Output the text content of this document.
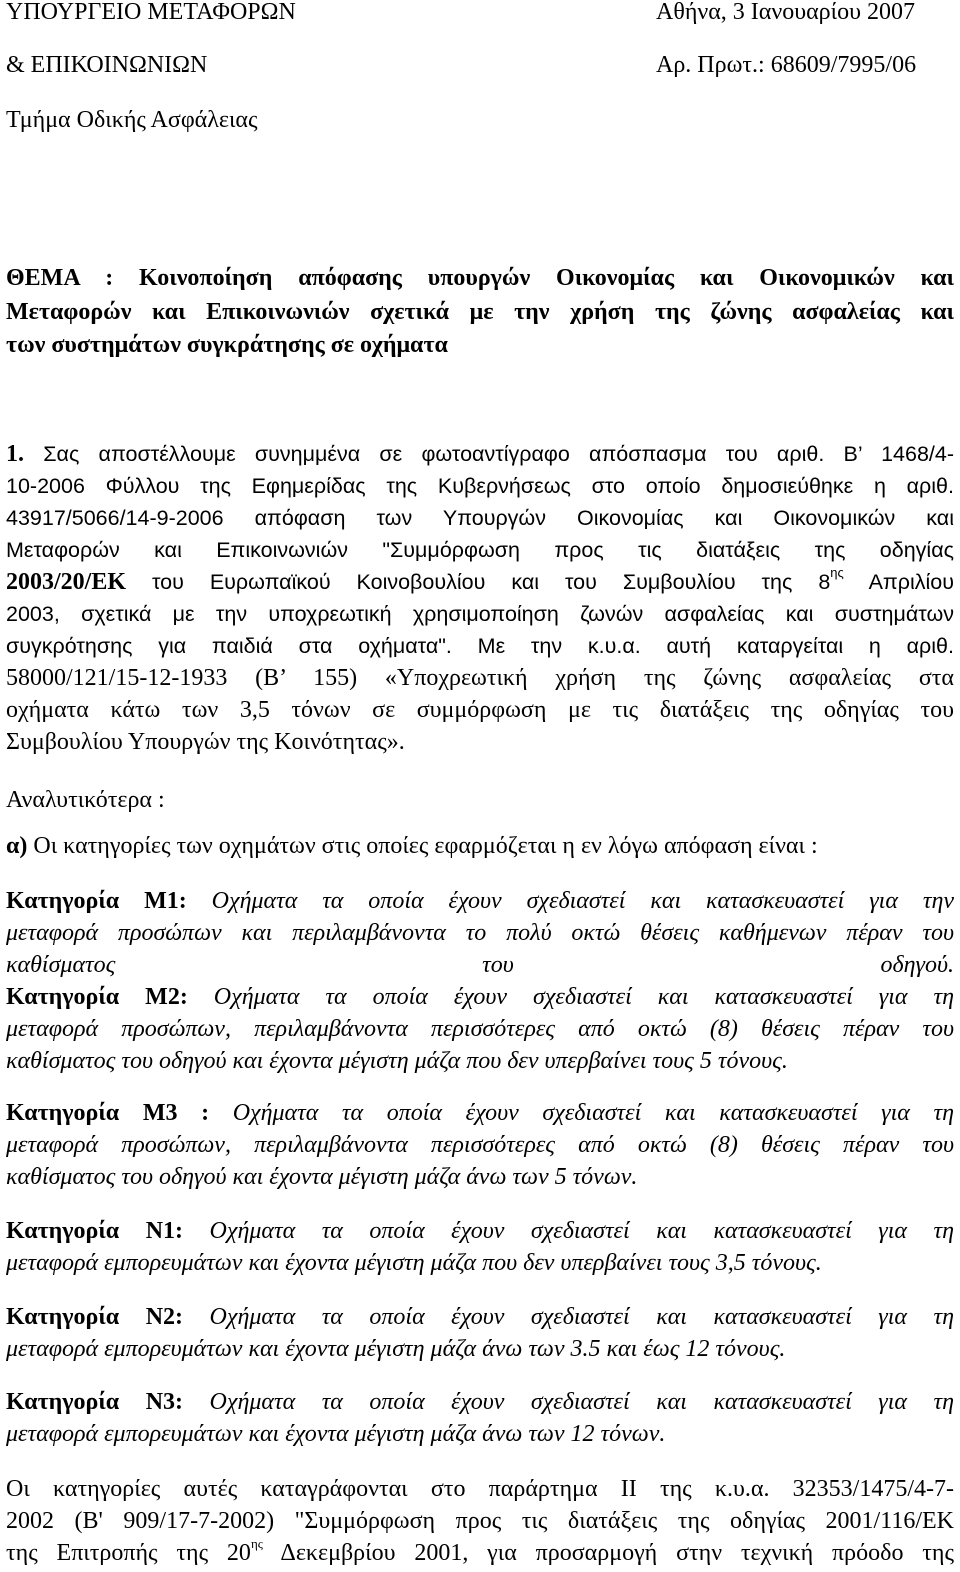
ΥΠΟΥΡΓΕΙΟ ΜΕΤΑΦΟΡΩΝ	Αθήνα, 3 Ιανουαρίου 2007
& ΕΠΙΚΟΙΝΩΝΙΩΝ	Αρ. Πρωτ.: 68609/7995/06
Τμήμα Οδικής Ασφάλειας
ΘΕΜΑ : Κοινοποίηση απόφασης υπουργών Οικονομίας και Οικονομικών και
Μεταφορών και Επικοινωνιών σχετικά με την χρήση της ζώνης ασφαλείας και
των συστημάτων συγκράτησης σε οχήματα
1. Σας αποστέλλουμε συνημμένα σε φωτοαντίγραφο απόσπασμα του αριθ. Β’ 1468/4-
10-2006 Φύλλου της Εφημερίδας της Κυβερνήσεως στο οποίο δημοσιεύθηκε η αριθ.
43917/5066/14-9-2006 απόφαση των Υπουργών Οικονομίας και Οικονομικών και
Μεταφορών και Επικοινωνιών "Συμμόρφωση προς τις διατάξεις της οδηγίας
2003/20/ΕΚ του Ευρωπαϊκού Κοινοβουλίου και του Συμβουλίου της $8^{\eta\varsigma}$ Απριλίου
2003, σχετικά με την υποχρεωτική χρησιμοποίηση ζωνών ασφαλείας και συστημάτων
συγκρότησης για παιδιά στα οχήματα". Με την κ.υ.α. αυτή καταργείται η αριθ.
58000/121/15-12-1933 (Β’ 155) «Υποχρεωτική χρήση της ζώνης ασφαλείας στα
οχήματα κάτω των 3,5 τόνων σε συμμόρφωση με τις διατάξεις της οδηγίας του
Συμβουλίου Υπουργών της Κοινότητας».
Αναλυτικότερα :
α) Οι κατηγορίες των οχημάτων στις οποίες εφαρμόζεται η εν λόγω απόφαση είναι :
Κατηγορία Μ1: Οχήματα τα οποία έχουν σχεδιαστεί και κατασκευαστεί για την
μεταφορά προσώπων και περιλαμβάνοντα το πολύ οκτώ θέσεις καθήμενων πέραν του
καθίσματος του οδηγού.
Κατηγορία Μ2: Οχήματα τα οποία έχουν σχεδιαστεί και κατασκευαστεί για τη
μεταφορά προσώπων, περιλαμβάνοντα περισσότερες από οκτώ (8) θέσεις πέραν του
καθίσματος του οδηγού και έχοντα μέγιστη μάζα που δεν υπερβαίνει τους 5 τόνους.
Κατηγορία Μ3 : Οχήματα τα οποία έχουν σχεδιαστεί και κατασκευαστεί για τη
μεταφορά προσώπων, περιλαμβάνοντα περισσότερες από οκτώ (8) θέσεις πέραν του
καθίσματος του οδηγού και έχοντα μέγιστη μάζα άνω των 5 τόνων.
Κατηγορία Ν1: Οχήματα τα οποία έχουν σχεδιαστεί και κατασκευαστεί για τη
μεταφορά εμπορευμάτων και έχοντα μέγιστη μάζα που δεν υπερβαίνει τους 3,5 τόνους.
Κατηγορία Ν2: Οχήματα τα οποία έχουν σχεδιαστεί και κατασκευαστεί για τη
μεταφορά εμπορευμάτων και έχοντα μέγιστη μάζα άνω των 3.5 και έως 12 τόνους.
Κατηγορία Ν3: Οχήματα τα οποία έχουν σχεδιαστεί και κατασκευαστεί για τη
μεταφορά εμπορευμάτων και έχοντα μέγιστη μάζα άνω των 12 τόνων.
Οι κατηγορίες αυτές καταγράφονται στο παράρτημα ΙΙ της κ.υ.α. 32353/1475/4-7-
2002 (Β' 909/17-7-2002) "Συμμόρφωση προς τις διατάξεις της οδηγίας 2001/116/ΕΚ
της Επιτροπής της $20^{\eta\varsigma}$ Δεκεμβρίου 2001, για προσαρμογή στην τεχνική πρόοδο της
